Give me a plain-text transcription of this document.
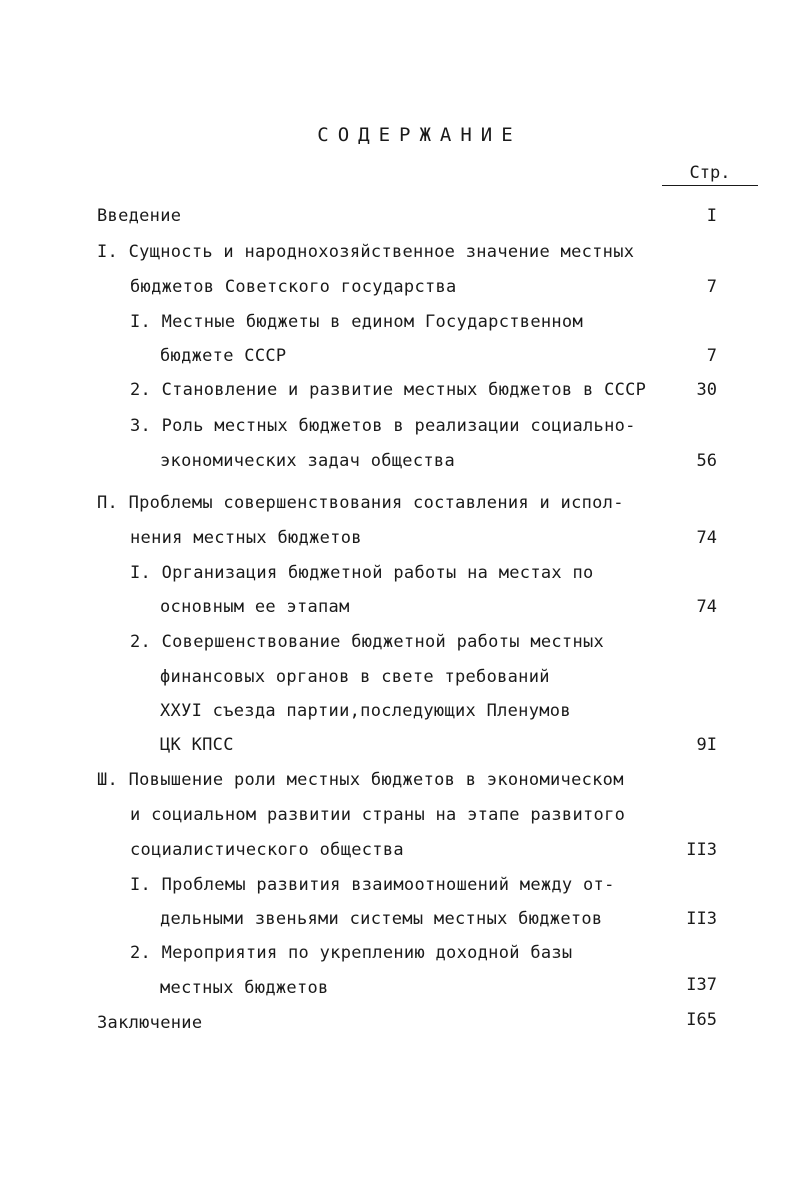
СОДЕРЖАНИЕ
Стр.
Введение	I
I. Сущность и народнохозяйственное значение местных
бюджетов Советского государства	7
I. Местные бюджеты в едином Государственном
бюджете СССР	7
2. Становление и развитие местных бюджетов в СССР	30
3. Роль местных бюджетов в реализации социально-
экономических задач общества	56
П. Проблемы совершенствования составления и испол-
нения местных бюджетов	74
I. Организация бюджетной работы на местах по
основным ее этапам	74
2. Совершенствование бюджетной работы местных
финансовых органов в свете требований
ХХУI съезда партии,последующих Пленумов
ЦК КПСС	9I
Ш. Повышение роли местных бюджетов в экономическом
и социальном развитии страны на этапе развитого
социалистического общества	II3
I. Проблемы развития взаимоотношений между от-
дельными звеньями системы местных бюджетов	II3
2. Мероприятия по укреплению доходной базы
местных бюджетов	I37
Заключение	I65
